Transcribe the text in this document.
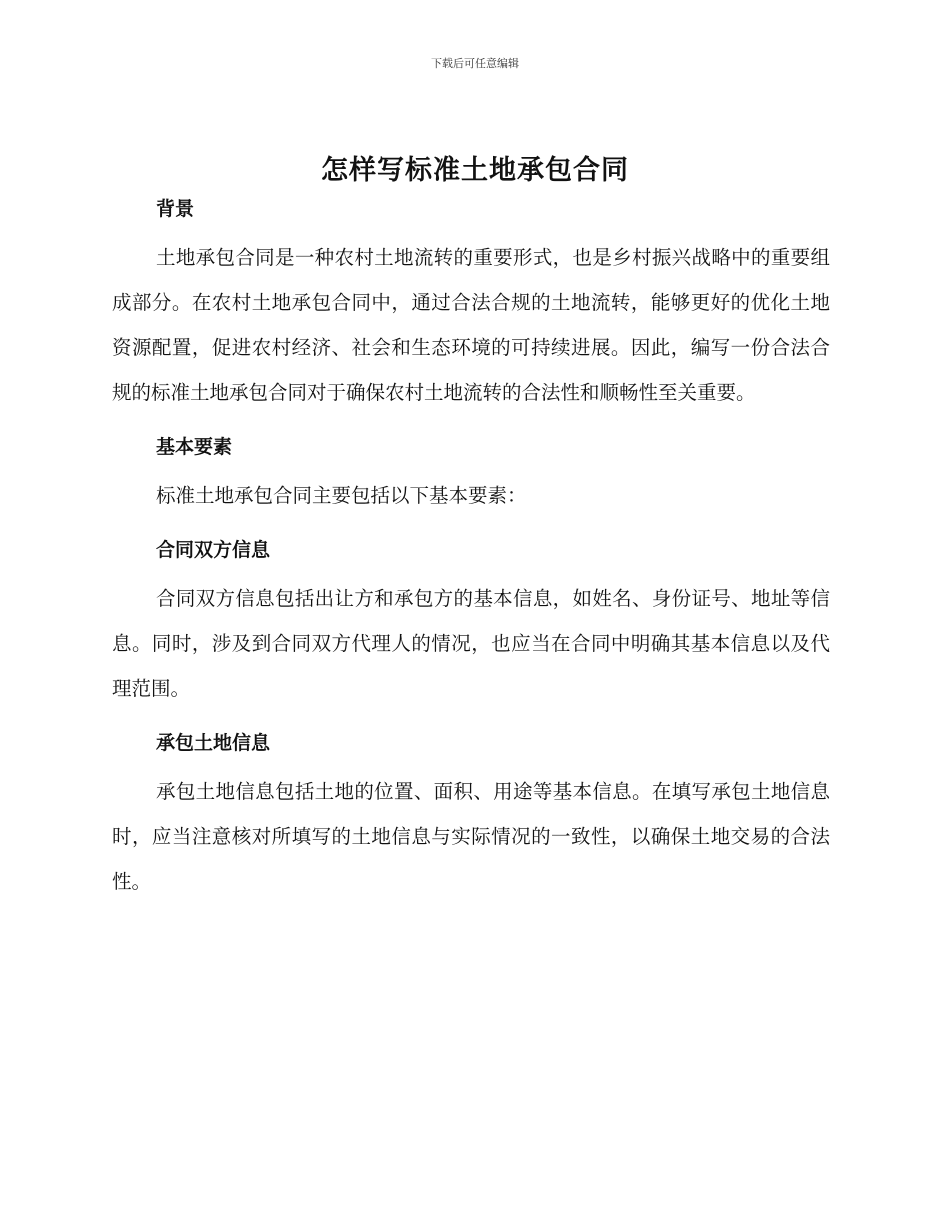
下载后可任意编辑
怎样写标准土地承包合同
背景

土地承包合同是一种农村土地流转的重要形式，也是乡村振兴战略中的重要组成部分。在农村土地承包合同中，通过合法合规的土地流转，能够更好的优化土地资源配置，促进农村经济、社会和生态环境的可持续进展。因此，编写一份合法合规的标准土地承包合同对于确保农村土地流转的合法性和顺畅性至关重要。

基本要素

标准土地承包合同主要包括以下基本要素：

合同双方信息

合同双方信息包括出让方和承包方的基本信息，如姓名、身份证号、地址等信息。同时，涉及到合同双方代理人的情况，也应当在合同中明确其基本信息以及代理范围。

承包土地信息

承包土地信息包括土地的位置、面积、用途等基本信息。在填写承包土地信息时，应当注意核对所填写的土地信息与实际情况的一致性，以确保土地交易的合法性。
